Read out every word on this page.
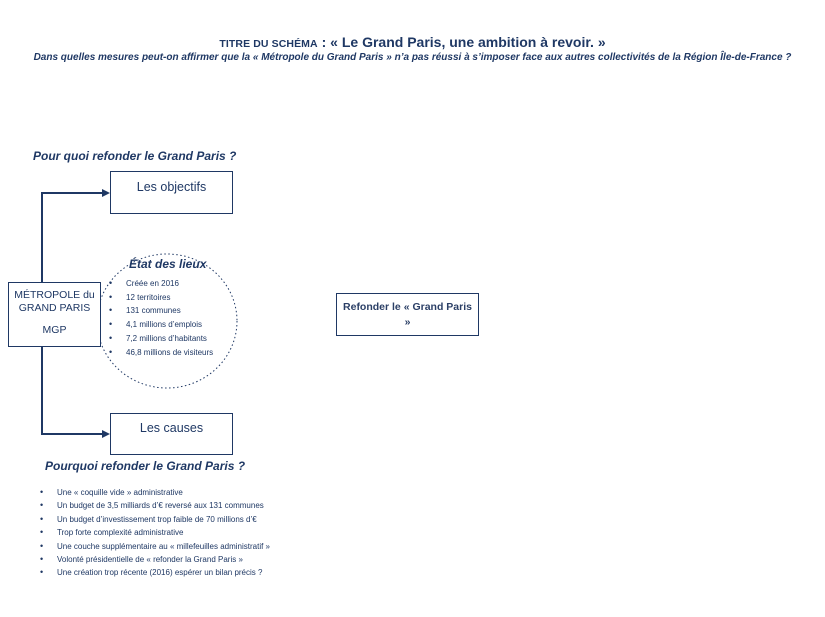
TITRE DU SCHÉMA : « Le Grand Paris, une ambition à revoir. »
Dans quelles mesures peut-on affirmer que la « Métropole du Grand Paris » n’a pas réussi à s’imposer face aux autres collectivités de la Région Île-de-France ?
Pour quoi refonder le Grand Paris ?
Pourquoi refonder le Grand Paris ?
Les objectifs
Les causes
MÉTROPOLE du
GRAND PARIS
MGP
Refonder le « Grand Paris »
État des lieux
• Créée en 2016
• 12 territoires
• 131 communes
• 4,1 millions d’emplois
• 7,2 millions d’habitants
• 46,8 millions de visiteurs
• Une « coquille vide » administrative
• Un budget de 3,5 milliards d’€ reversé aux 131 communes
• Un budget d’investissement trop faible de 70 millions d’€
• Trop forte complexité administrative
• Une couche supplémentaire au « millefeuilles administratif »
• Volonté présidentielle de « refonder la Grand Paris »
• Une création trop récente (2016) espérer un bilan précis ?
